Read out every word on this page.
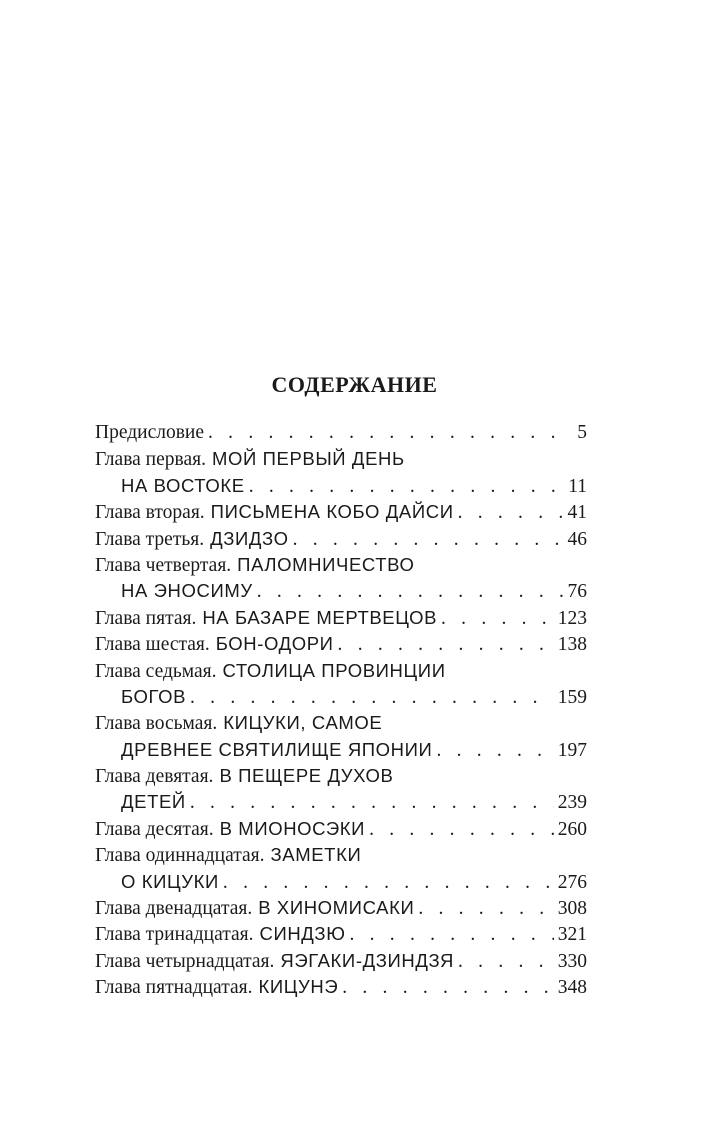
СОДЕРЖАНИЕ
Предисловие . . .	5
Глава первая. МОЙ ПЕРВЫЙ ДЕНЬ
НА ВОСТОКЕ . . .	11
Глава вторая. ПИСЬМЕНА КОБО ДАЙСИ . . .	41
Глава третья. ДЗИДЗО . . .	46
Глава четвертая. ПАЛОМНИЧЕСТВО
НА ЭНОСИМУ . . .	76
Глава пятая. НА БАЗАРЕ МЕРТВЕЦОВ . . .	123
Глава шестая. БОН-ОДОРИ . . .	138
Глава седьмая. СТОЛИЦА ПРОВИНЦИИ
БОГОВ . . .	159
Глава восьмая. КИЦУКИ, САМОЕ
ДРЕВНЕЕ СВЯТИЛИЩЕ ЯПОНИИ . . .	197
Глава девятая. В ПЕЩЕРЕ ДУХОВ
ДЕТЕЙ . . .	239
Глава десятая. В МИОНОСЭКИ . . .	260
Глава одиннадцатая. ЗАМЕТКИ
О КИЦУКИ . . .	276
Глава двенадцатая. В ХИНОМИСАКИ . . .	308
Глава тринадцатая. СИНДЗЮ . . .	321
Глава четырнадцатая. ЯЭГАКИ-ДЗИНДЗЯ . . .	330
Глава пятнадцатая. КИЦУНЭ . . .	348
